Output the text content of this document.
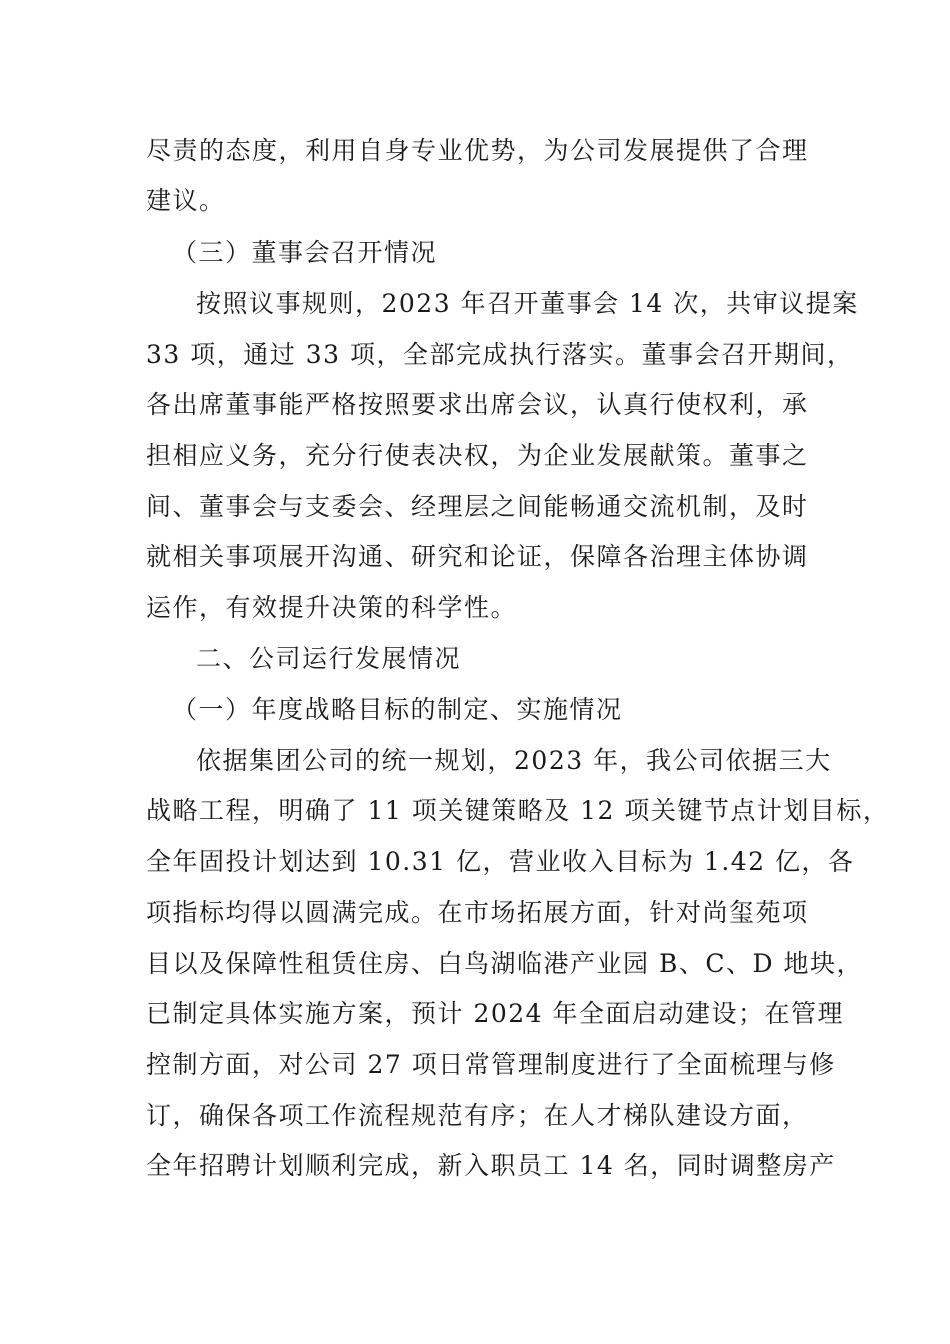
尽责的态度，利用自身专业优势，为公司发展提供了合理
建议。
（三）董事会召开情况
按照议事规则，2023 年召开董事会 14 次，共审议提案
33 项，通过 33 项，全部完成执行落实。董事会召开期间，
各出席董事能严格按照要求出席会议，认真行使权利，承
担相应义务，充分行使表决权，为企业发展献策。董事之
间、董事会与支委会、经理层之间能畅通交流机制，及时
就相关事项展开沟通、研究和论证，保障各治理主体协调
运作，有效提升决策的科学性。
二、公司运行发展情况
（一）年度战略目标的制定、实施情况
依据集团公司的统一规划，2023 年，我公司依据三大
战略工程，明确了 11 项关键策略及 12 项关键节点计划目标，
全年固投计划达到 10.31 亿，营业收入目标为 1.42 亿，各
项指标均得以圆满完成。在市场拓展方面，针对尚玺苑项
目以及保障性租赁住房、白鸟湖临港产业园 B、C、D 地块，
已制定具体实施方案，预计 2024 年全面启动建设；在管理
控制方面，对公司 27 项日常管理制度进行了全面梳理与修
订，确保各项工作流程规范有序；在人才梯队建设方面，
全年招聘计划顺利完成，新入职员工 14 名，同时调整房产
